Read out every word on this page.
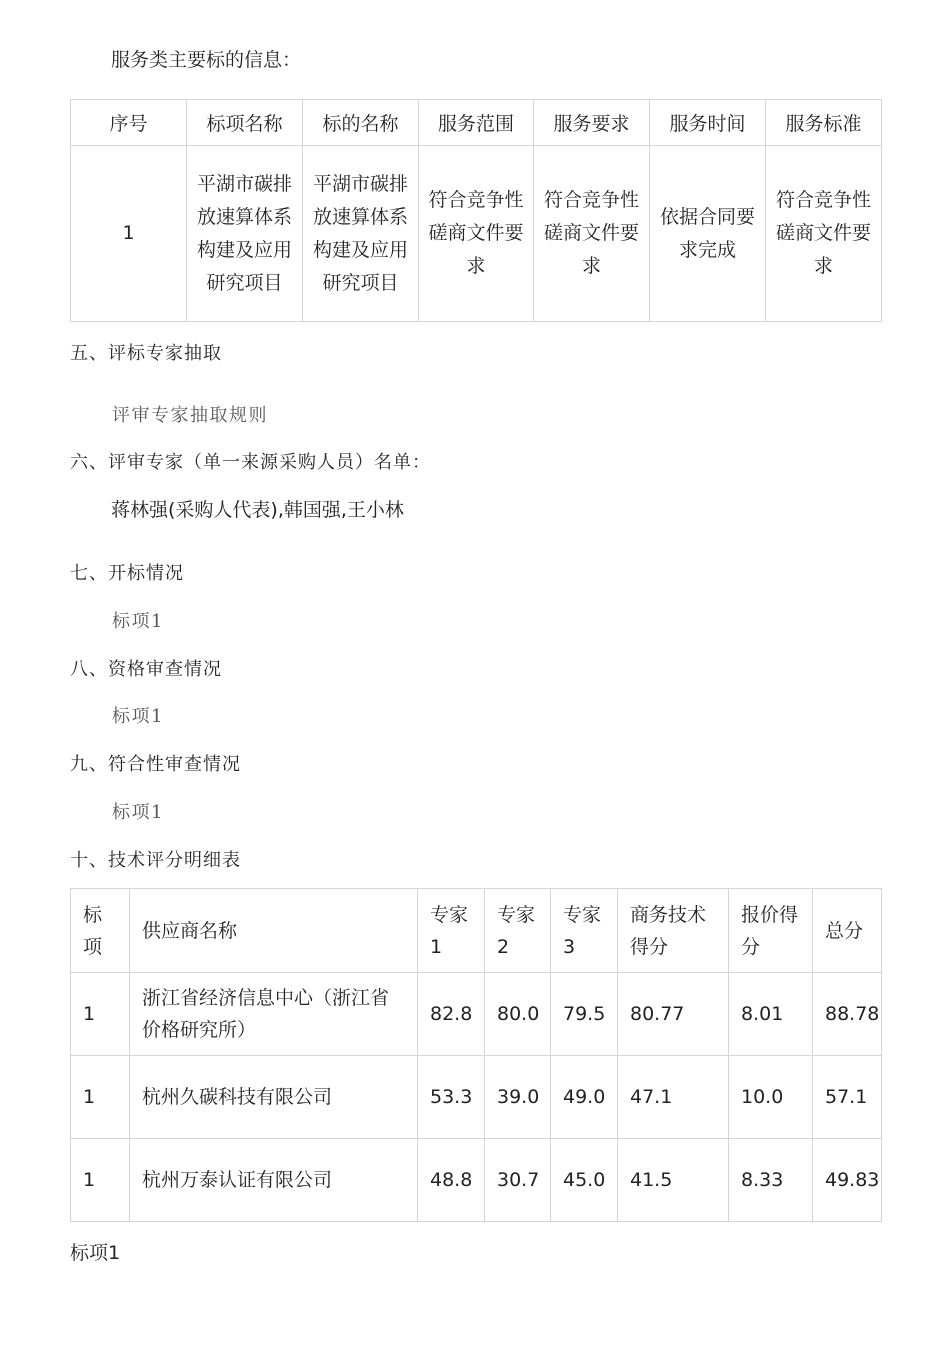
服务类主要标的信息：
序号	标项名称	标的名称	服务范围	服务要求	服务时间	服务标准
1	平湖市碳排放速算体系构建及应用研究项目	平湖市碳排放速算体系构建及应用研究项目	符合竞争性磋商文件要求	符合竞争性磋商文件要求	依据合同要求完成	符合竞争性磋商文件要求
五、评标专家抽取
评审专家抽取规则
六、评审专家（单一来源采购人员）名单：
蒋林强(采购人代表),韩国强,王小林
七、开标情况
标项1
八、资格审查情况
标项1
九、符合性审查情况
标项1
十、技术评分明细表
标项	供应商名称	专家1	专家2	专家3	商务技术得分	报价得分	总分
1	浙江省经济信息中心（浙江省价格研究所）	82.8	80.0	79.5	80.77	8.01	88.78
1	杭州久碳科技有限公司	53.3	39.0	49.0	47.1	10.0	57.1
1	杭州万泰认证有限公司	48.8	30.7	45.0	41.5	8.33	49.83
标项1
